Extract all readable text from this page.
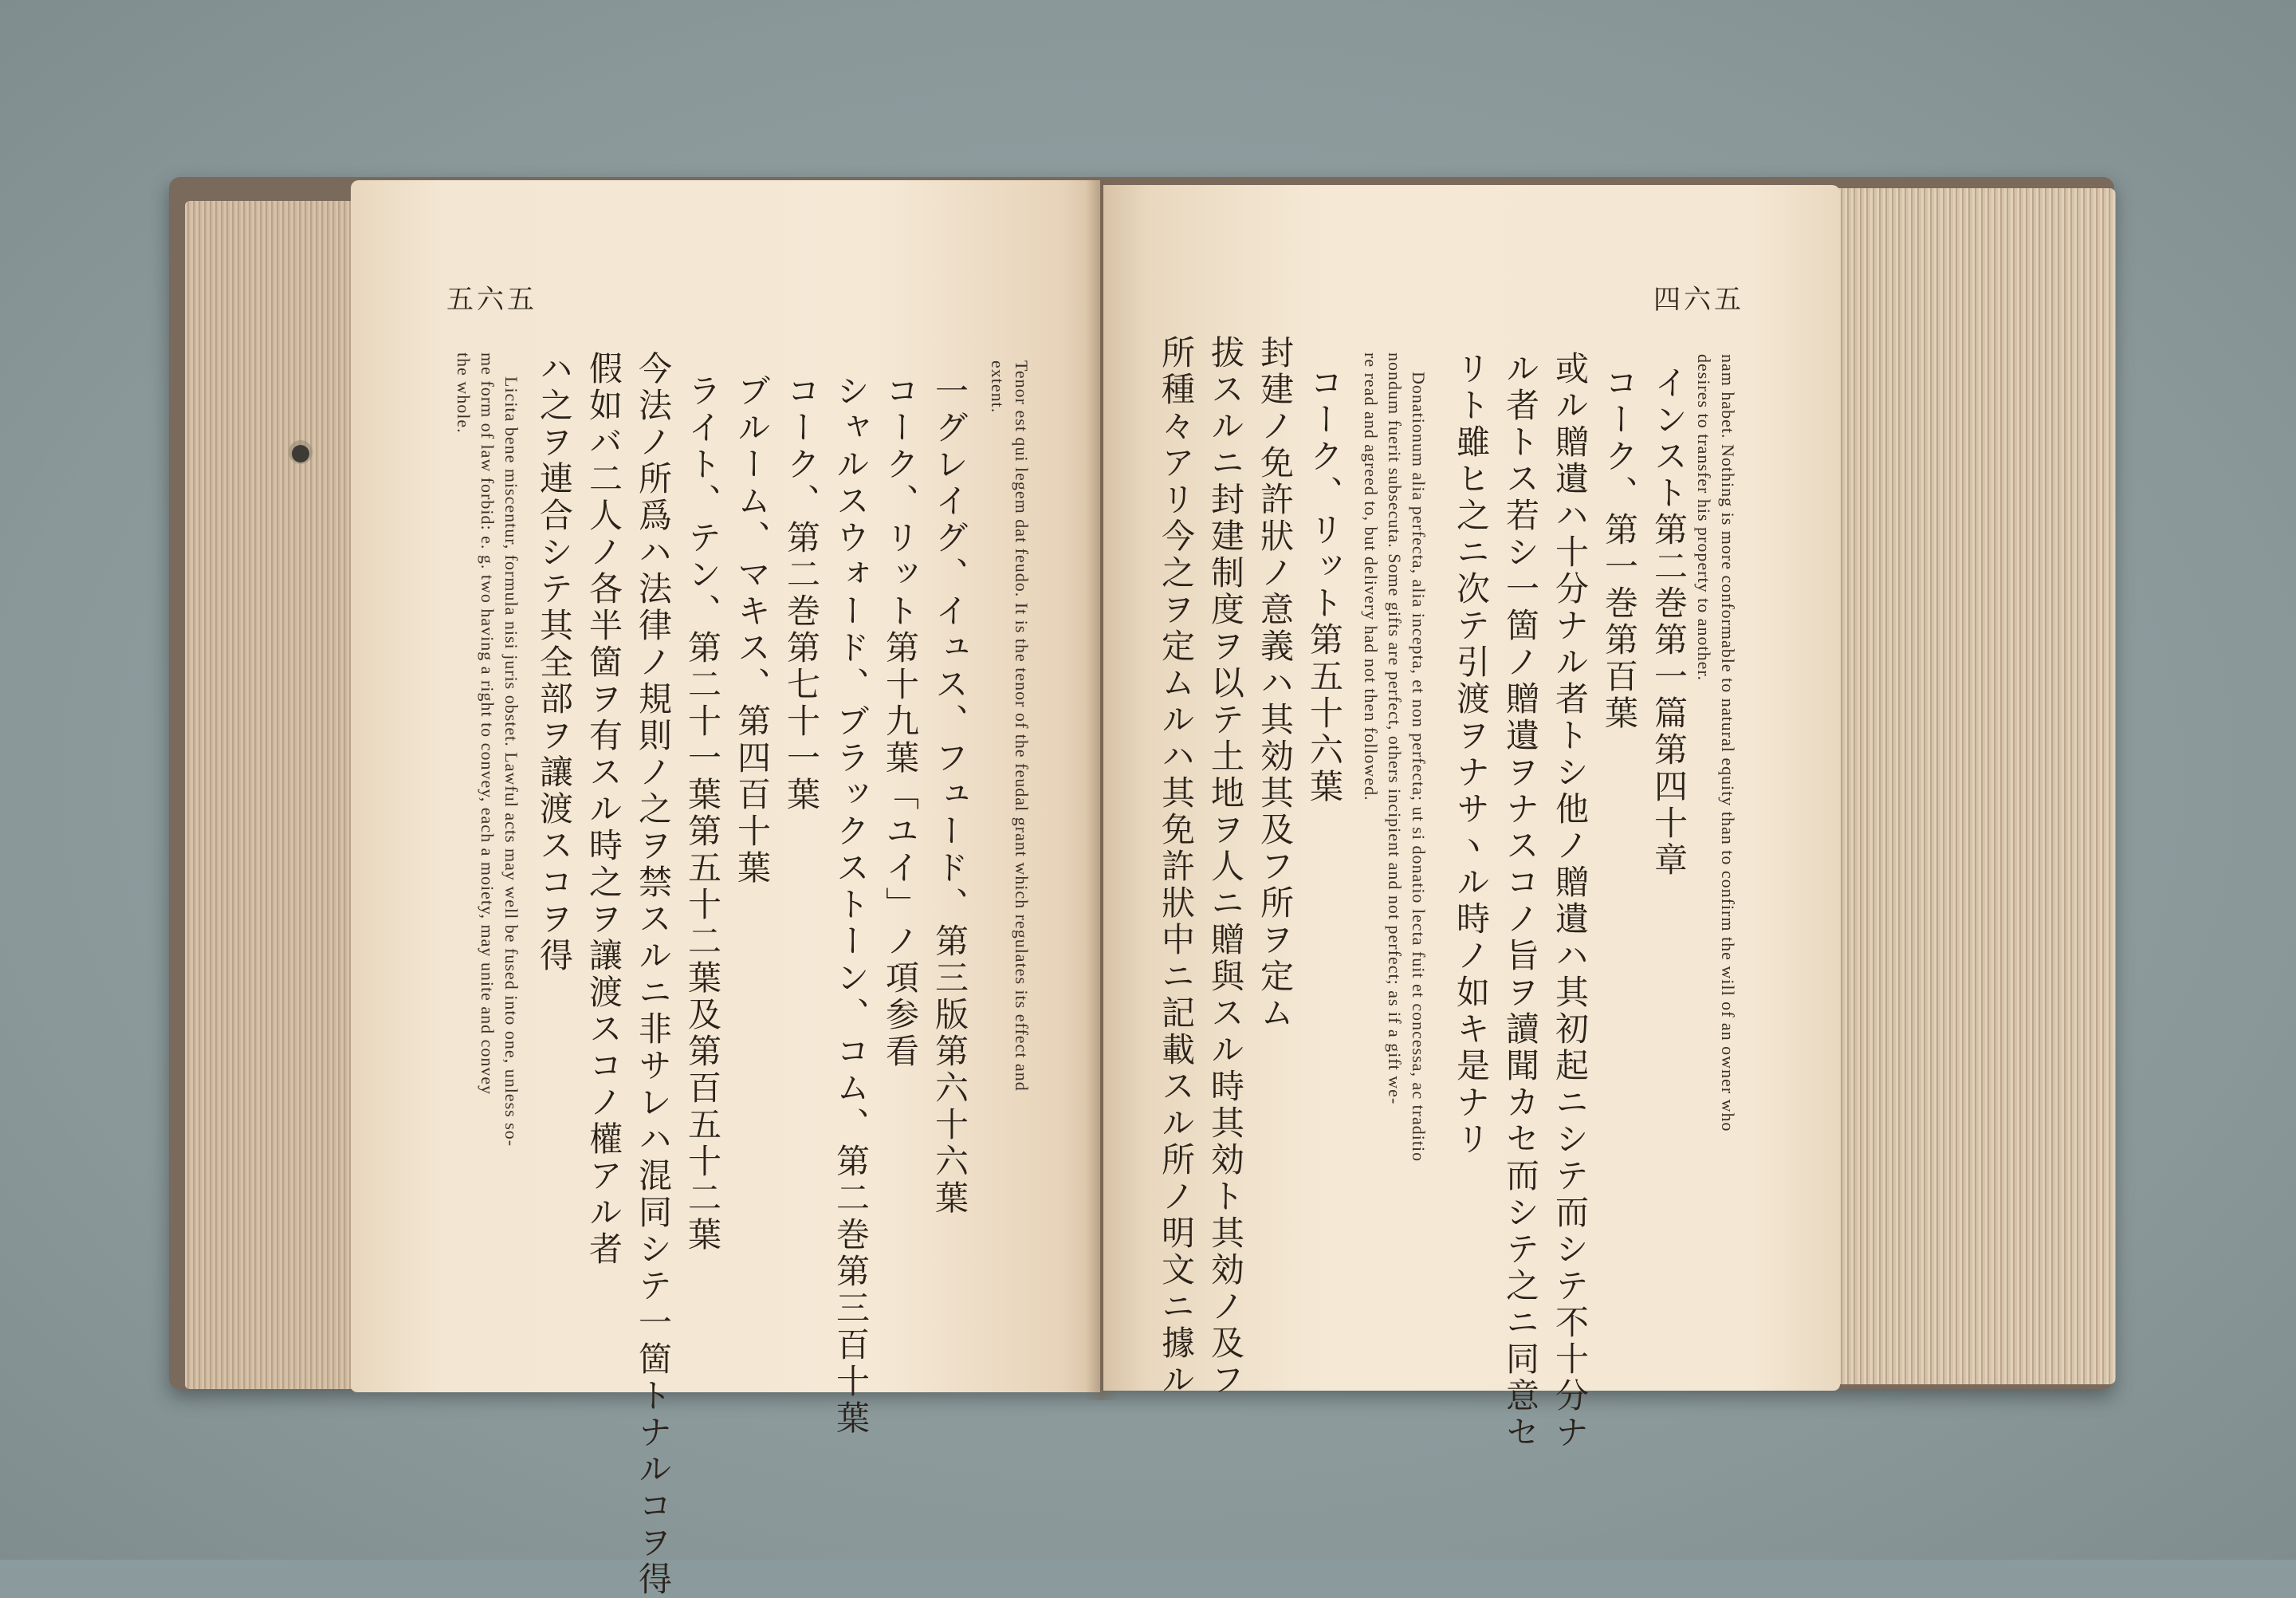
五六五
Tenor est qui legem dat feudo. It is the tenor of the feudal grant which regulates its effect and
extent.
一グレイグ、イュス、フュード、第三版第六十六葉
コーク、リット第十九葉「ユイ」ノ項参看
シャルスウォード、ブラックストーン、コム、第二巻第三百十葉
コーク、第二巻第七十一葉
ブルーム、マキス、第四百十葉
ライト、テン、第二十一葉第五十二葉及第百五十二葉
今法ノ所爲ハ法律ノ規則ノ之ヲ禁スルニ非サレハ混同シテ一箇トナルコヲ得
假如バ二人ノ各半箇ヲ有スル時之ヲ讓渡スコノ權アル者
ハ之ヲ連合シテ其全部ヲ讓渡スコヲ得
Licita bene miscentur, formula nisi juris obstet. Lawful acts may well be fused into one, unless so-
me form of law forbid: e. g. two having a right to convey, each a moiety, may unite and convey
the whole.
四六五
nam habet. Nothing is more conformable to natural equity than to confirm the will of an owner who
desires to transfer his property to another.
インスト第二巻第一篇第四十章
コーク、第一巻第百葉
或ル贈遺ハ十分ナル者トシ他ノ贈遺ハ其初起ニシテ而シテ不十分ナ
ル者トス若シ一箇ノ贈遺ヲナスコノ旨ヲ讀聞カセ而シテ之ニ同意セ
リト雖ヒ之ニ次テ引渡ヲナサヽル時ノ如キ是ナリ
Donationum alia perfecta, alia incepta, et non perfecta; ut si donatio lecta fuit et concessa, ac traditio
nondum fuerit subsecuta. Some gifts are perfect, others incipient and not perfect; as if a gift we-
re read and agreed to, but delivery had not then followed.
コーク、リット第五十六葉
封建ノ免許狀ノ意義ハ其効其及フ所ヲ定ム
拔スルニ封建制度ヲ以テ土地ヲ人ニ贈與スル時其効ト其効ノ及フ
所種々アリ今之ヲ定ムルハ其免許狀中ニ記載スル所ノ明文ニ據ル
